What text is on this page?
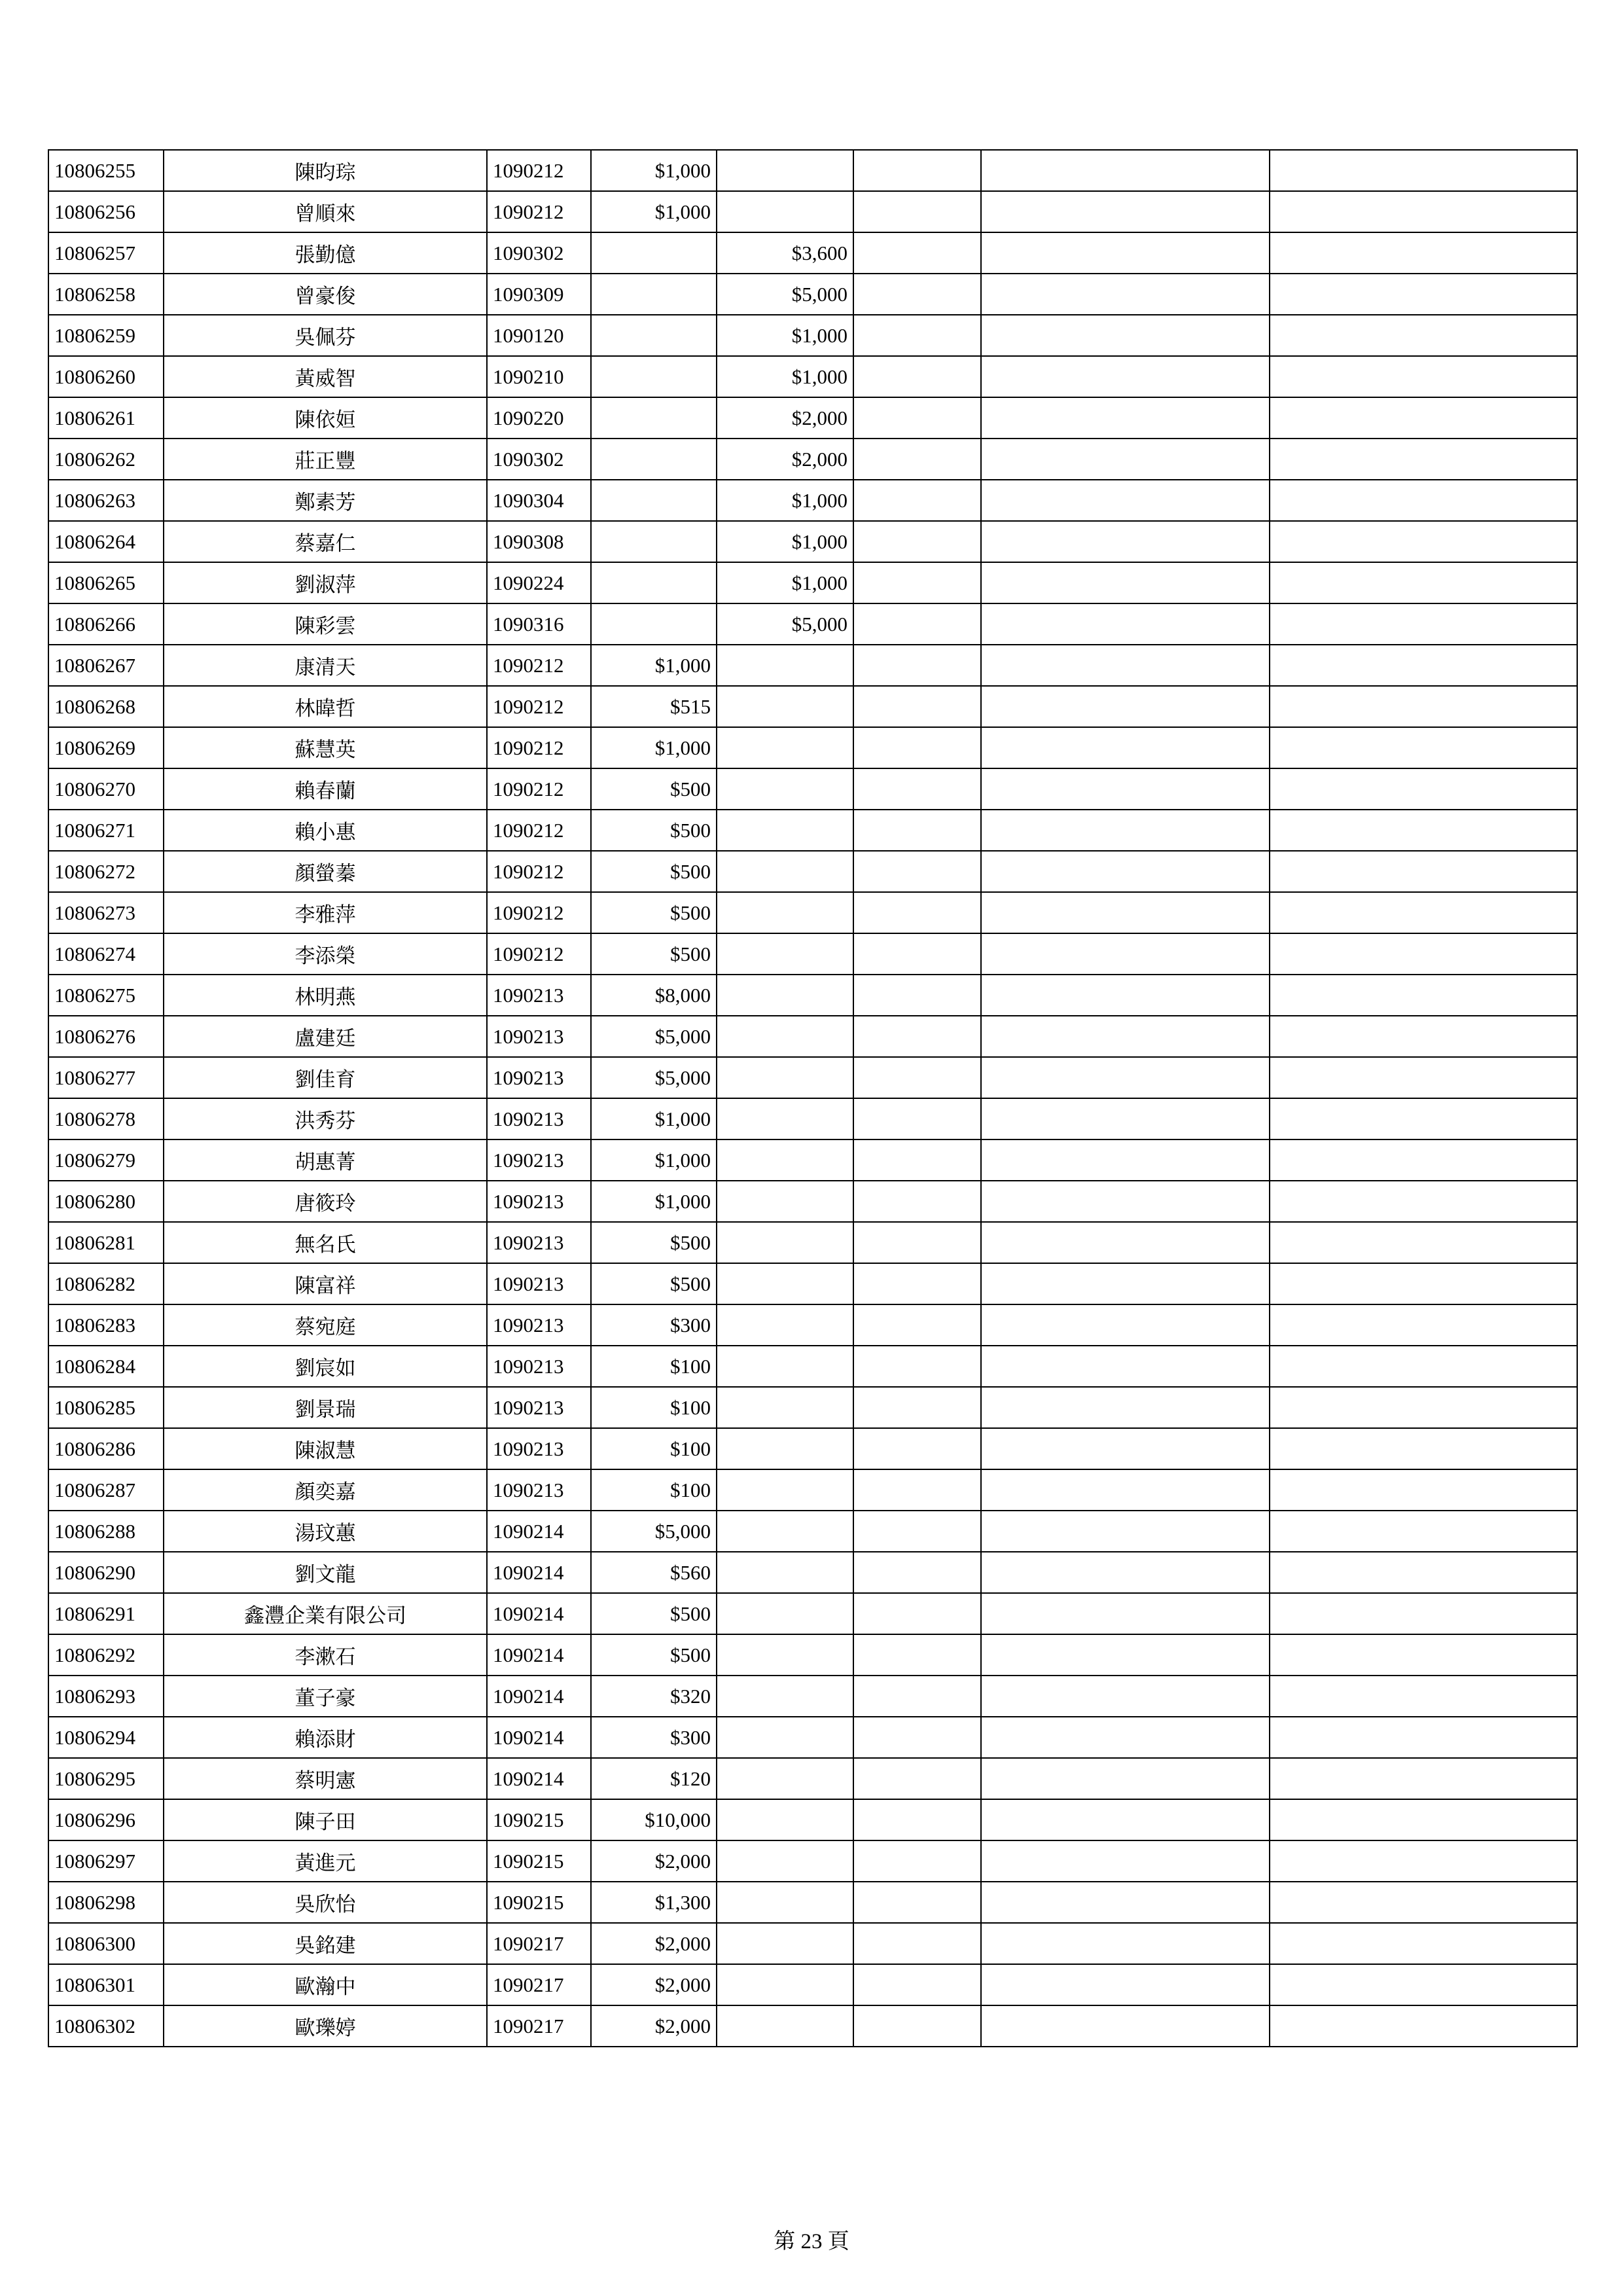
10806255	陳昀琮	1090212	$1,000				
10806256	曾順來	1090212	$1,000				
10806257	張勤億	1090302		$3,600			
10806258	曾豪俊	1090309		$5,000			
10806259	吳佩芬	1090120		$1,000			
10806260	黃威智	1090210		$1,000			
10806261	陳依姮	1090220		$2,000			
10806262	莊正豐	1090302		$2,000			
10806263	鄭素芳	1090304		$1,000			
10806264	蔡嘉仁	1090308		$1,000			
10806265	劉淑萍	1090224		$1,000			
10806266	陳彩雲	1090316		$5,000			
10806267	康清天	1090212	$1,000				
10806268	林暐哲	1090212	$515				
10806269	蘇慧英	1090212	$1,000				
10806270	賴春蘭	1090212	$500				
10806271	賴小惠	1090212	$500				
10806272	顏螢蓁	1090212	$500				
10806273	李雅萍	1090212	$500				
10806274	李添榮	1090212	$500				
10806275	林明燕	1090213	$8,000				
10806276	盧建廷	1090213	$5,000				
10806277	劉佳育	1090213	$5,000				
10806278	洪秀芬	1090213	$1,000				
10806279	胡惠菁	1090213	$1,000				
10806280	唐筱玲	1090213	$1,000				
10806281	無名氏	1090213	$500				
10806282	陳富祥	1090213	$500				
10806283	蔡宛庭	1090213	$300				
10806284	劉宸如	1090213	$100				
10806285	劉景瑞	1090213	$100				
10806286	陳淑慧	1090213	$100				
10806287	顏奕嘉	1090213	$100				
10806288	湯玟蕙	1090214	$5,000				
10806290	劉文龍	1090214	$560				
10806291	鑫灃企業有限公司	1090214	$500				
10806292	李漱石	1090214	$500				
10806293	董子豪	1090214	$320				
10806294	賴添財	1090214	$300				
10806295	蔡明憲	1090214	$120				
10806296	陳子田	1090215	$10,000				
10806297	黃進元	1090215	$2,000				
10806298	吳欣怡	1090215	$1,300				
10806300	吳銘建	1090217	$2,000				
10806301	歐瀚中	1090217	$2,000				
10806302	歐瓅婷	1090217	$2,000				
第 23 頁
